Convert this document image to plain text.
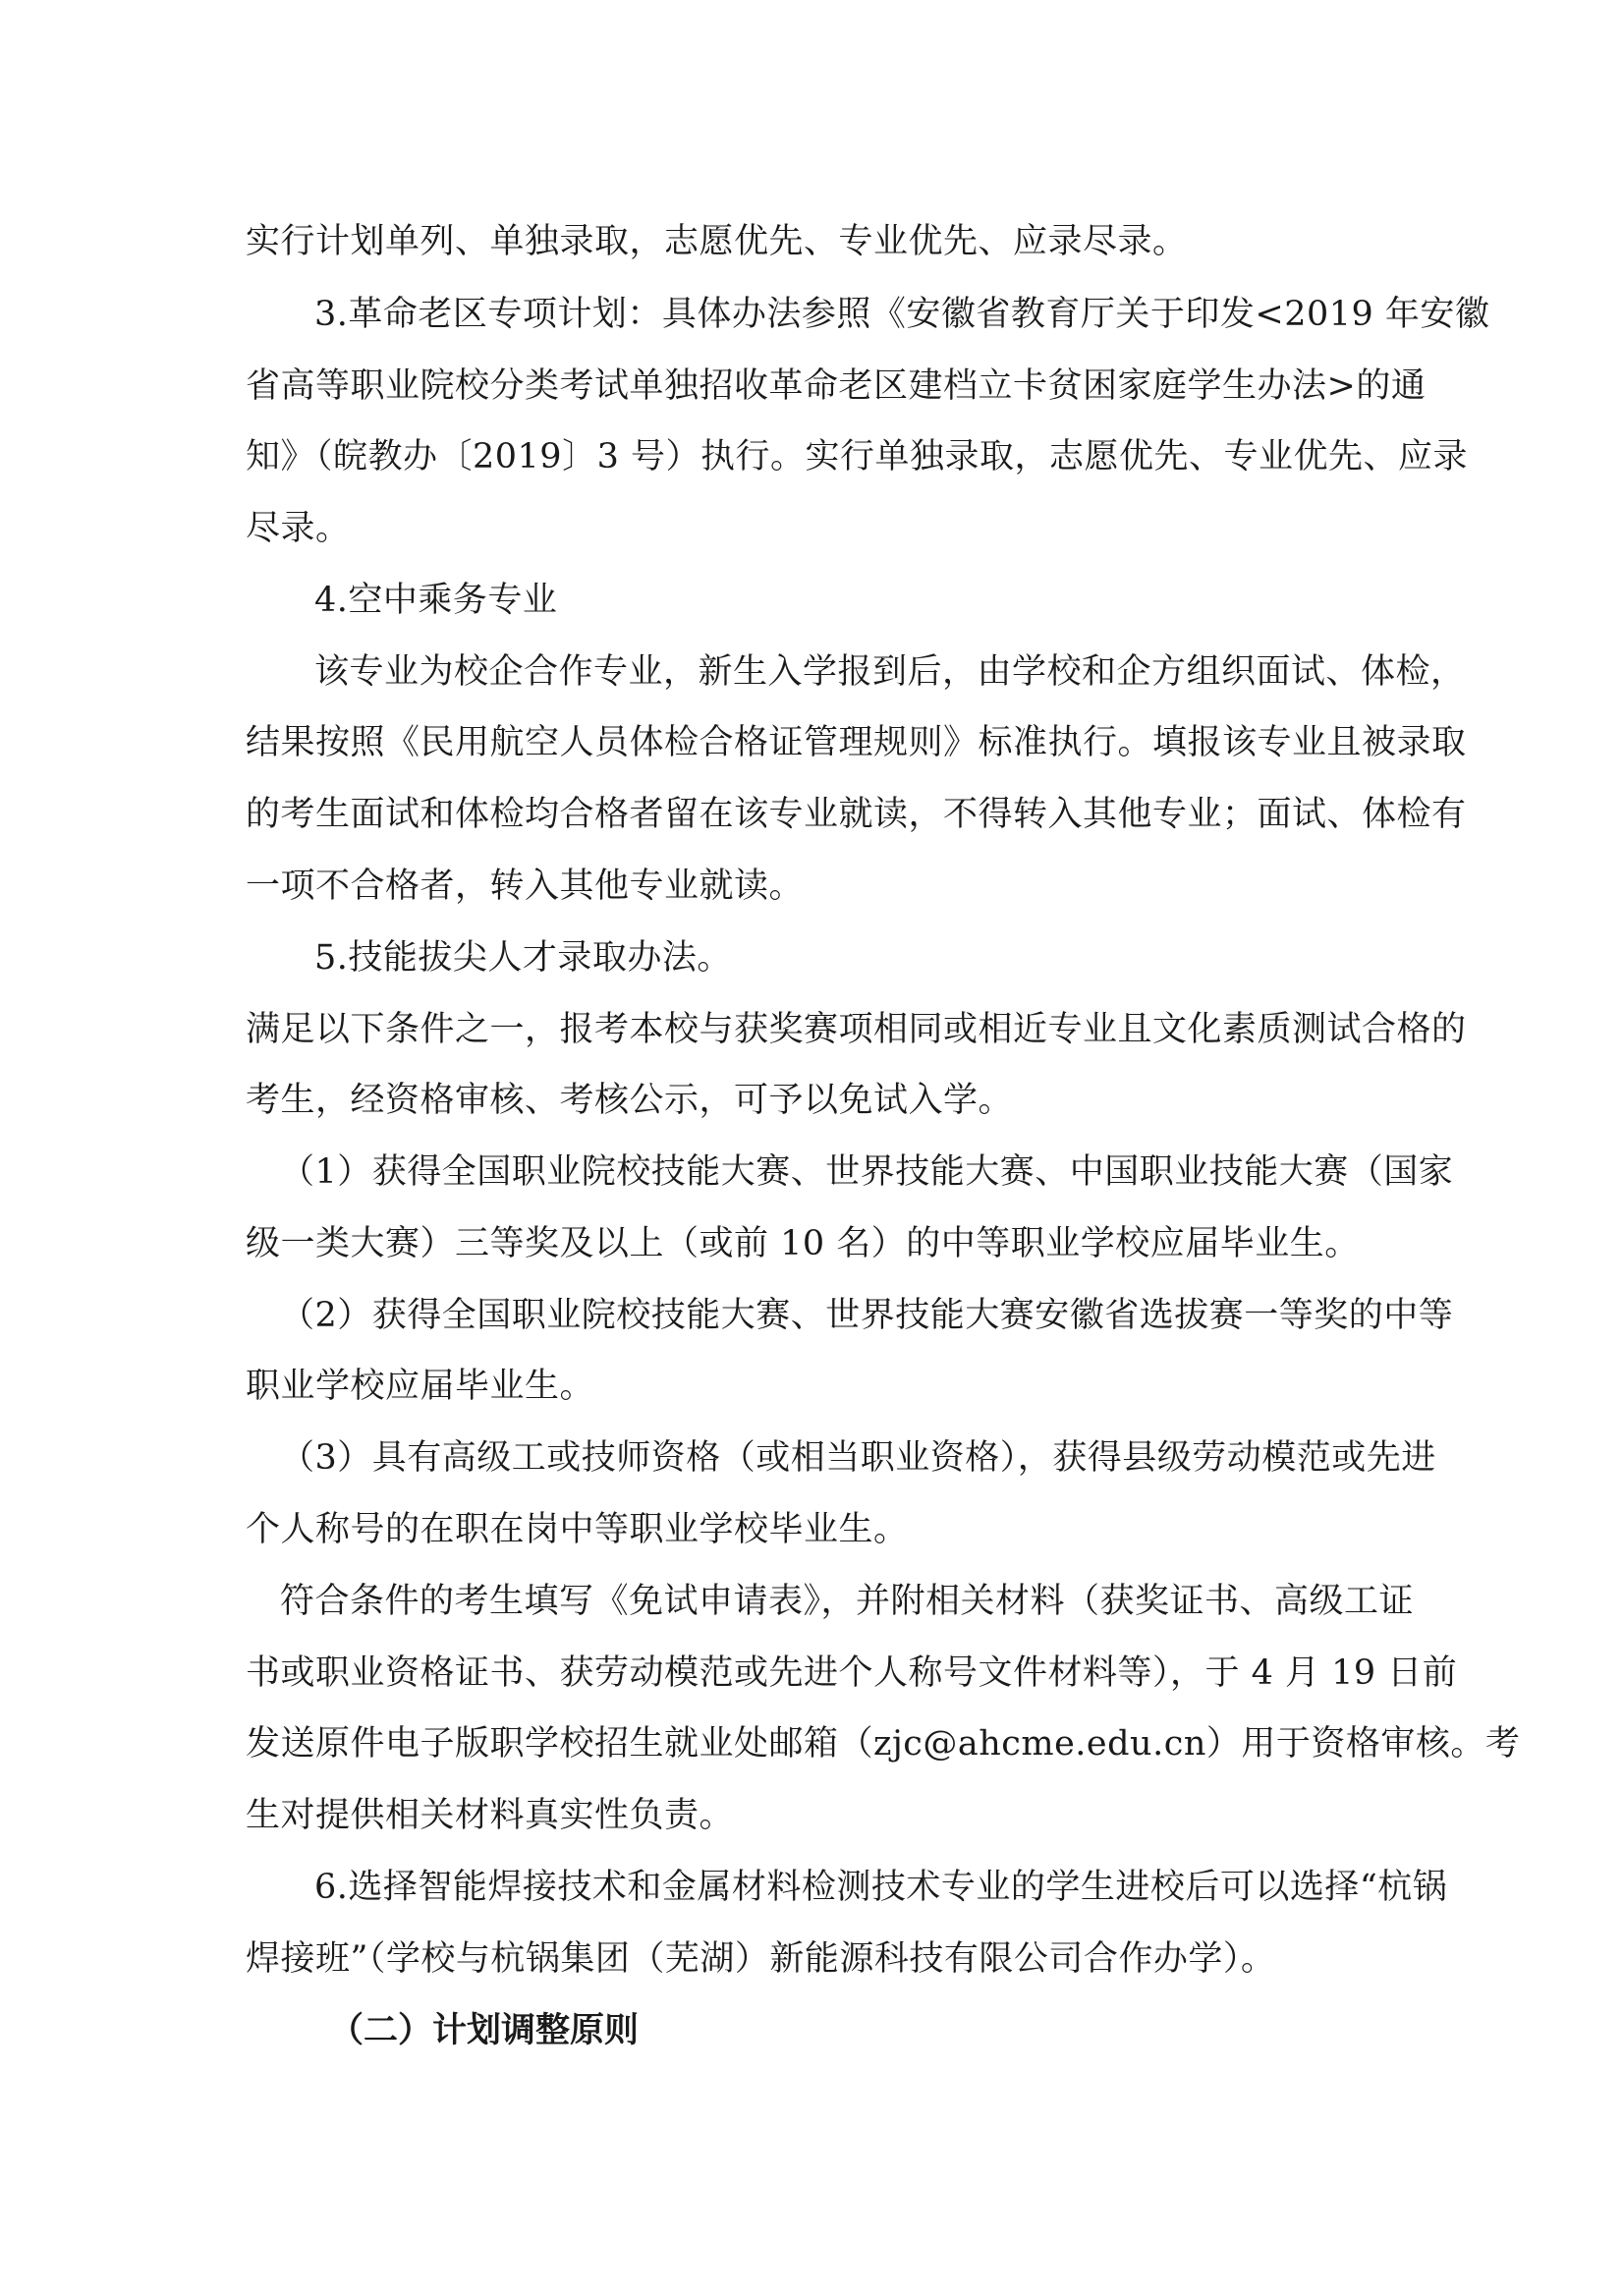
实行计划单列、单独录取，志愿优先、专业优先、应录尽录。
3.革命老区专项计划：具体办法参照《安徽省教育厅关于印发<2019 年安徽
省高等职业院校分类考试单独招收革命老区建档立卡贫困家庭学生办法>的通
知》（皖教办〔2019〕3 号）执行。实行单独录取，志愿优先、专业优先、应录
尽录。
4.空中乘务专业
该专业为校企合作专业，新生入学报到后，由学校和企方组织面试、体检，
结果按照《民用航空人员体检合格证管理规则》标准执行。填报该专业且被录取
的考生面试和体检均合格者留在该专业就读，不得转入其他专业；面试、体检有
一项不合格者，转入其他专业就读。
5.技能拔尖人才录取办法。
满足以下条件之一，报考本校与获奖赛项相同或相近专业且文化素质测试合格的
考生，经资格审核、考核公示，可予以免试入学。
（1）获得全国职业院校技能大赛、世界技能大赛、中国职业技能大赛（国家
级一类大赛）三等奖及以上（或前 10 名）的中等职业学校应届毕业生。
（2）获得全国职业院校技能大赛、世界技能大赛安徽省选拔赛一等奖的中等
职业学校应届毕业生。
（3）具有高级工或技师资格（或相当职业资格），获得县级劳动模范或先进
个人称号的在职在岗中等职业学校毕业生。
符合条件的考生填写《免试申请表》，并附相关材料（获奖证书、高级工证
书或职业资格证书、获劳动模范或先进个人称号文件材料等），于 4 月 19 日前
发送原件电子版职学校招生就业处邮箱（zjc@ahcme.edu.cn）用于资格审核。考
生对提供相关材料真实性负责。
6.选择智能焊接技术和金属材料检测技术专业的学生进校后可以选择“杭锅
焊接班”（学校与杭锅集团（芜湖）新能源科技有限公司合作办学）。
（二）计划调整原则
